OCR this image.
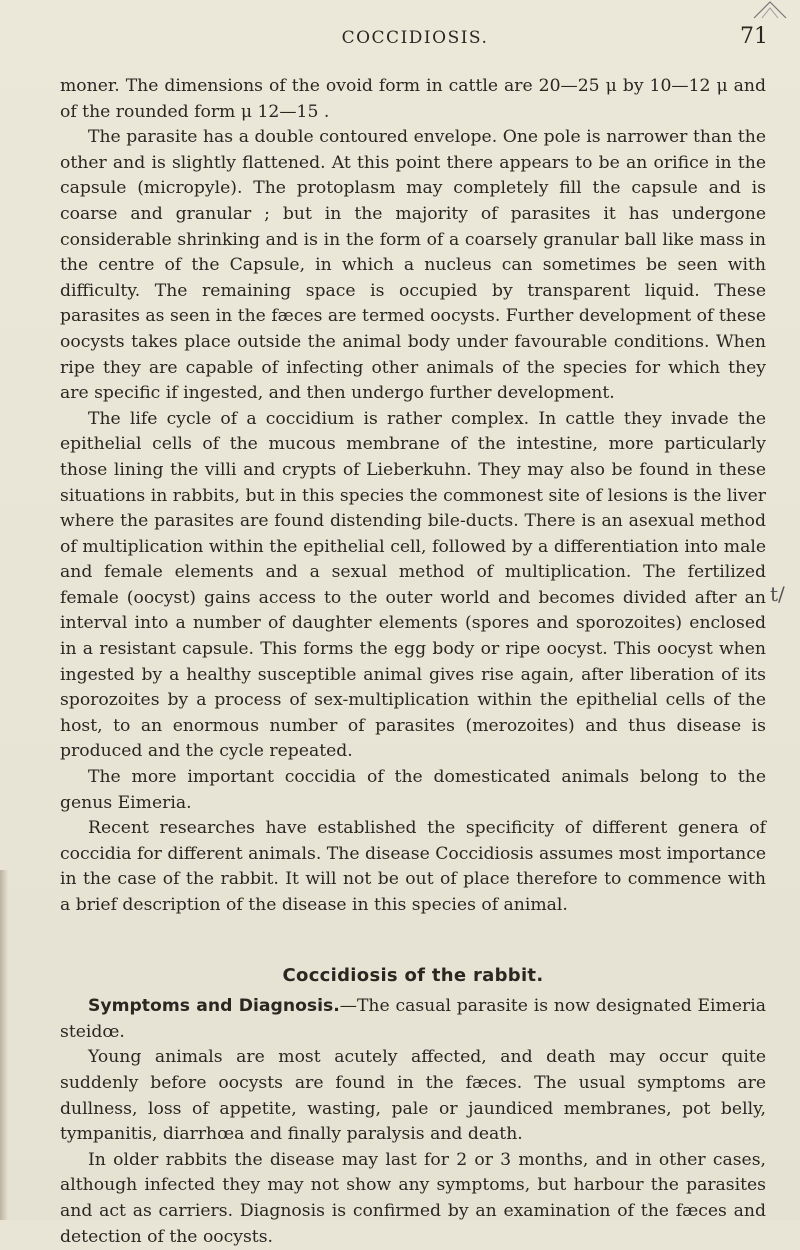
COCCIDIOSIS.	71

moner. The dimensions of the ovoid form in cattle are 20—25 μ by 10—12 μ and of the rounded form μ 12—15 .

The parasite has a double contoured envelope. One pole is narrower than the other and is slightly flattened. At this point there appears to be an orifice in the capsule (micropyle). The protoplasm may completely fill the capsule and is coarse and granular ; but in the majority of parasites it has undergone considerable shrinking and is in the form of a coarsely granular ball like mass in the centre of the Capsule, in which a nucleus can sometimes be seen with difficulty. The remaining space is occupied by transparent liquid. These parasites as seen in the fæces are termed oocysts. Further development of these oocysts takes place outside the animal body under favourable conditions. When ripe they are capable of infecting other animals of the species for which they are specific if ingested, and then undergo further development.

The life cycle of a coccidium is rather complex. In cattle they invade the epithelial cells of the mucous membrane of the intestine, more particularly those lining the villi and crypts of Lieberkuhn. They may also be found in these situations in rabbits, but in this species the commonest site of lesions is the liver where the parasites are found distending bile-ducts. There is an asexual method of multiplication within the epithelial cell, followed by a differentiation into male and female elements and a sexual method of multiplication. The fertilized female (oocyst) gains access to the outer world and becomes divided after an interval into a number of daughter elements (spores and sporozoites) enclosed in a resistant capsule. This forms the egg body or ripe oocyst. This oocyst when ingested by a healthy susceptible animal gives rise again, after liberation of its sporozoites by a process of sex-multiplication within the epithelial cells of the host, to an enormous number of parasites (merozoites) and thus disease is produced and the cycle repeated.

The more important coccidia of the domesticated animals belong to the genus Eimeria.

Recent researches have established the specificity of different genera of coccidia for different animals. The disease Coccidiosis assumes most importance in the case of the rabbit. It will not be out of place therefore to commence with a brief description of the disease in this species of animal.

Coccidiosis of the rabbit.

Symptoms and Diagnosis.—The casual parasite is now designated Eimeria steidœ.

Young animals are most acutely affected, and death may occur quite suddenly before oocysts are found in the fæces. The usual symptoms are dullness, loss of appetite, wasting, pale or jaundiced membranes, pot belly, tympanitis, diarrhœa and finally paralysis and death.

In older rabbits the disease may last for 2 or 3 months, and in other cases, although infected they may not show any symptoms, but harbour the parasites and act as carriers. Diagnosis is confirmed by an examination of the fæces and detection of the oocysts.

t/
